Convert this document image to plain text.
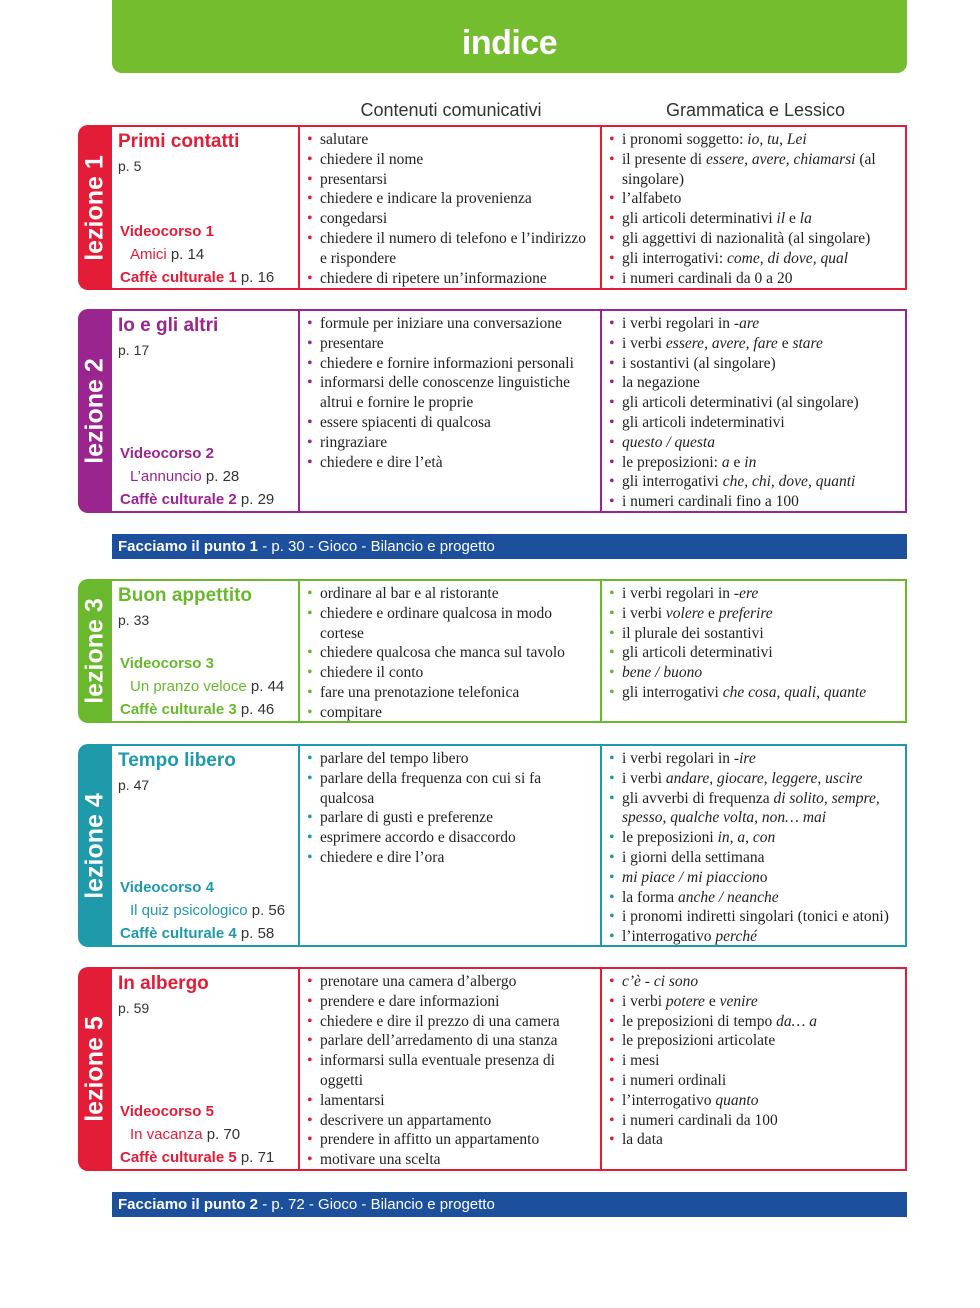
indice
Contenuti comunicativi	Grammatica e Lessico
lezione 1
Primi contatti
p. 5
Videocorso 1
Amici p. 14
Caffè culturale 1 p. 16
• salutare
• chiedere il nome
• presentarsi
• chiedere e indicare la provenienza
• congedarsi
• chiedere il numero di telefono e l’indirizzo e rispondere
• chiedere di ripetere un’informazione
• i pronomi soggetto: io, tu, Lei
• il presente di essere, avere, chiamarsi (al singolare)
• l’alfabeto
• gli articoli determinativi il e la
• gli aggettivi di nazionalità (al singolare)
• gli interrogativi: come, di dove, qual
• i numeri cardinali da 0 a 20
lezione 2
Io e gli altri
p. 17
Videocorso 2
L’annuncio p. 28
Caffè culturale 2 p. 29
• formule per iniziare una conversazione
• presentare
• chiedere e fornire informazioni personali
• informarsi delle conoscenze linguistiche altrui e fornire le proprie
• essere spiacenti di qualcosa
• ringraziare
• chiedere e dire l’età
• i verbi regolari in -are
• i verbi essere, avere, fare e stare
• i sostantivi (al singolare)
• la negazione
• gli articoli determinativi (al singolare)
• gli articoli indeterminativi
• questo / questa
• le preposizioni: a e in
• gli interrogativi che, chi, dove, quanti
• i numeri cardinali fino a 100
lezione 3
Buon appettito
p. 33
Videocorso 3
Un pranzo veloce p. 44
Caffè culturale 3 p. 46
• ordinare al bar e al ristorante
• chiedere e ordinare qualcosa in modo cortese
• chiedere qualcosa che manca sul tavolo
• chiedere il conto
• fare una prenotazione telefonica
• compitare
• i verbi regolari in -ere
• i verbi volere e preferire
• il plurale dei sostantivi
• gli articoli determinativi
• bene / buono
• gli interrogativi che cosa, quali, quante
lezione 4
Tempo libero
p. 47
Videocorso 4
Il quiz psicologico p. 56
Caffè culturale 4 p. 58
• parlare del tempo libero
• parlare della frequenza con cui si fa qualcosa
• parlare di gusti e preferenze
• esprimere accordo e disaccordo
• chiedere e dire l’ora
• i verbi regolari in -ire
• i verbi andare, giocare, leggere, uscire
• gli avverbi di frequenza di solito, sempre, spesso, qualche volta, non… mai
• le preposizioni in, a, con
• i giorni della settimana
• mi piace / mi piacciono
• la forma anche / neanche
• i pronomi indiretti singolari (tonici e atoni)
• l’interrogativo perché
lezione 5
In albergo
p. 59
Videocorso 5
In vacanza p. 70
Caffè culturale 5 p. 71
• prenotare una camera d’albergo
• prendere e dare informazioni
• chiedere e dire il prezzo di una camera
• parlare dell’arredamento di una stanza
• informarsi sulla eventuale presenza di oggetti
• lamentarsi
• descrivere un appartamento
• prendere in affitto un appartamento
• motivare una scelta
• c’è - ci sono
• i verbi potere e venire
• le preposizioni di tempo da… a
• le preposizioni articolate
• i mesi
• i numeri ordinali
• l’interrogativo quanto
• i numeri cardinali da 100
• la data
Facciamo il punto 1 - p. 30 - Gioco - Bilancio e progetto
Facciamo il punto 2 - p. 72 - Gioco - Bilancio e progetto
